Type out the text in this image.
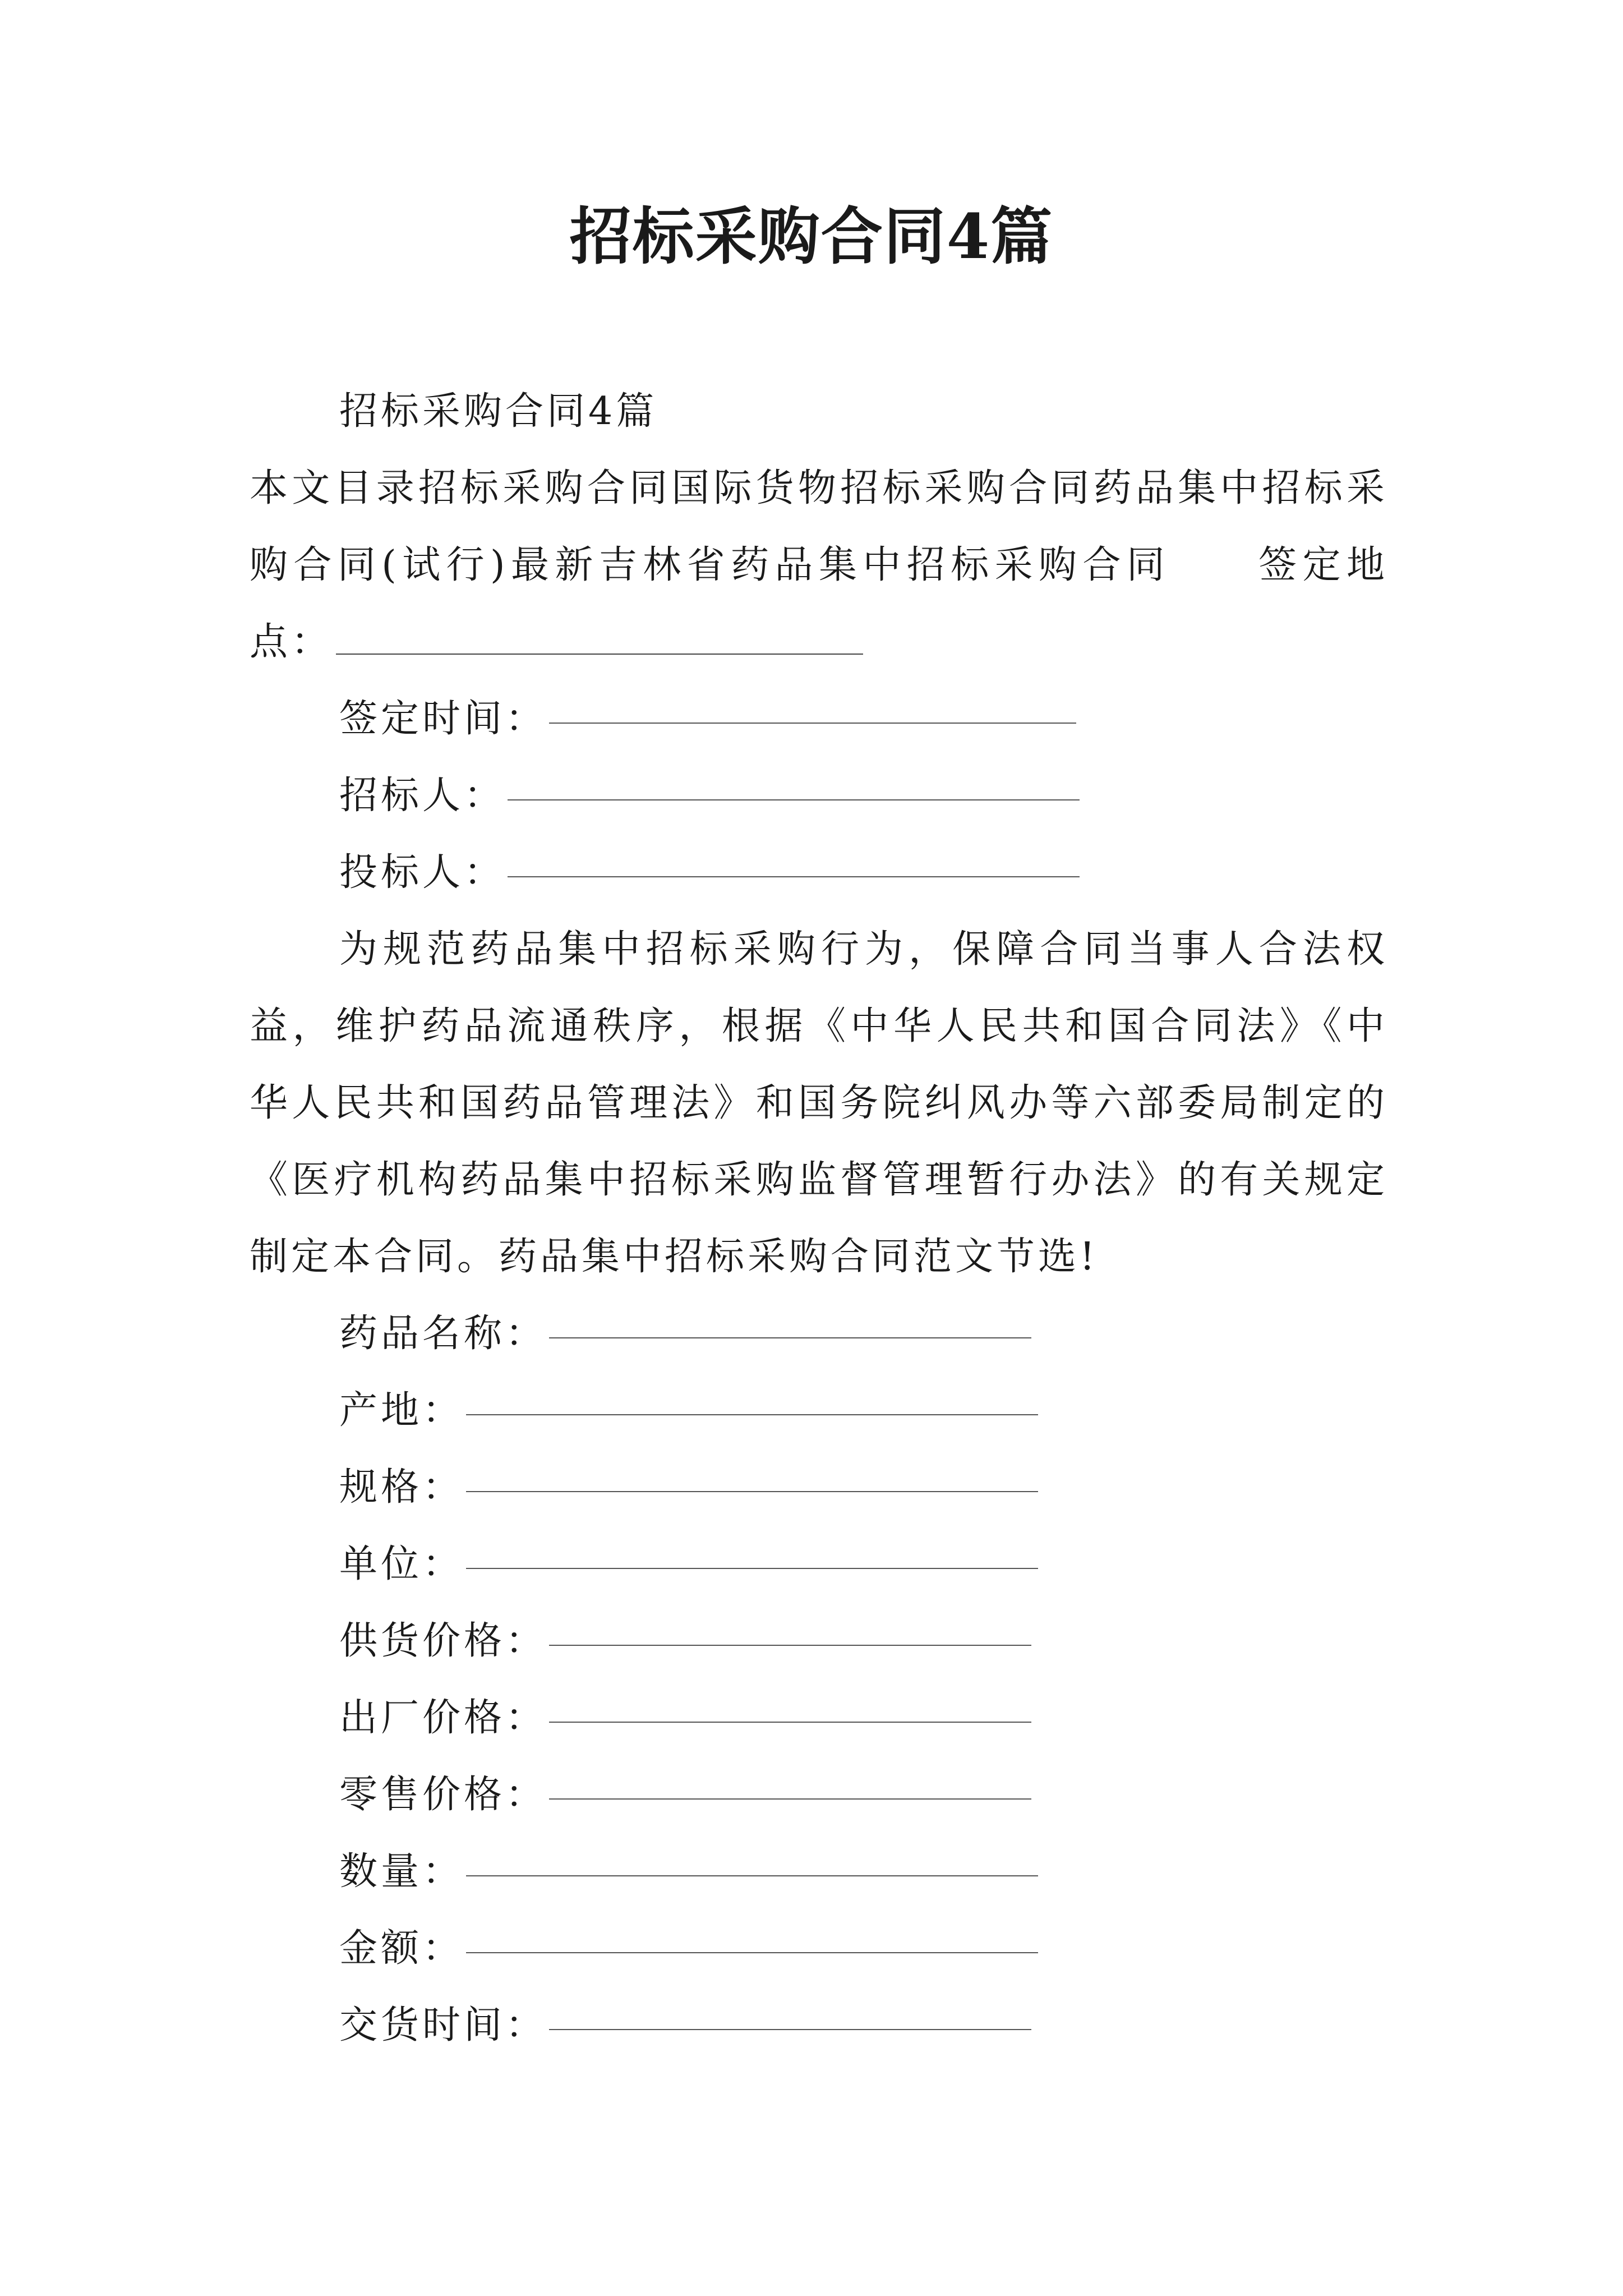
招标采购合同4篇
招标采购合同4篇

本文目录招标采购合同国际货物招标采购合同药品集中招标采购合同(试行)最新吉林省药品集中招标采购合同　　签定地点：

签定时间：
招标人：
投标人：

为规范药品集中招标采购行为，保障合同当事人合法权益，维护药品流通秩序，根据《中华人民共和国合同法》《中华人民共和国药品管理法》和国务院纠风办等六部委局制定的《医疗机构药品集中招标采购监督管理暂行办法》的有关规定制定本合同。药品集中招标采购合同范文节选!

药品名称：
产地：
规格：
单位：
供货价格：
出厂价格：
零售价格：
数量：
金额：
交货时间：
